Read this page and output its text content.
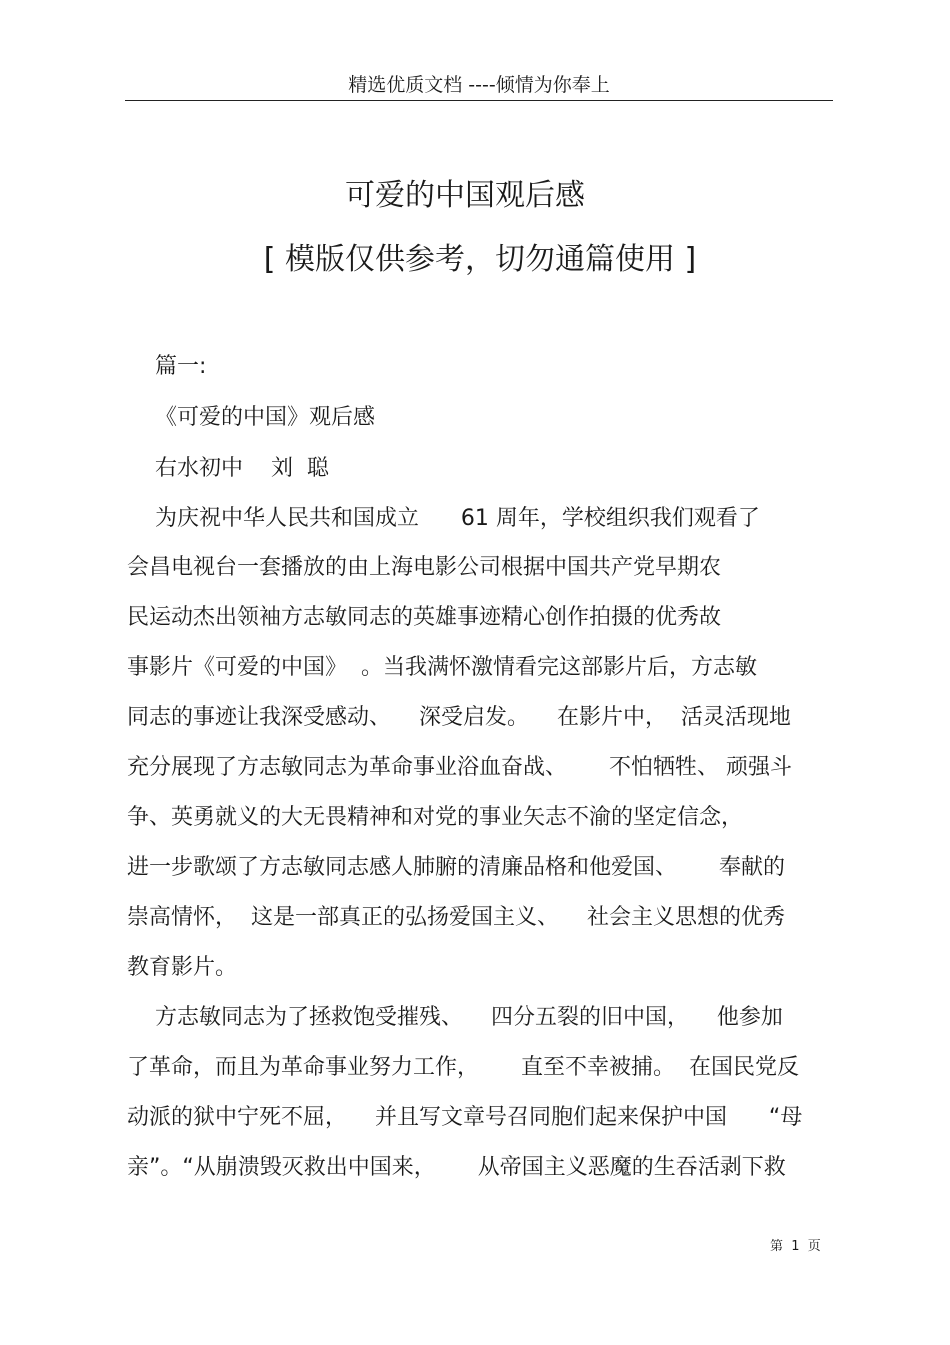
精选优质文档 ----倾情为你奉上
可爱的中国观后感
[ 模版仅供参考，切勿通篇使用 ]
篇一:
《可爱的中国》观后感
右水初中    刘  聪
为庆祝中华人民共和国成立      61 周年，学校组织我们观看了
会昌电视台一套播放的由上海电影公司根据中国共产党早期农
民运动杰出领袖方志敏同志的英雄事迹精心创作拍摄的优秀故
事影片《可爱的中国》  。当我满怀激情看完这部影片后，方志敏
同志的事迹让我深受感动、    深受启发。    在影片中，  活灵活现地
充分展现了方志敏同志为革命事业浴血奋战、      不怕牺牲、 顽强斗
争、英勇就义的大无畏精神和对党的事业矢志不渝的坚定信念，
进一步歌颂了方志敏同志感人肺腑的清廉品格和他爱国、      奉献的
崇高情怀，  这是一部真正的弘扬爱国主义、    社会主义思想的优秀
教育影片。
方志敏同志为了拯救饱受摧残、    四分五裂的旧中国，    他参加
了革命，而且为革命事业努力工作，      直至不幸被捕。  在国民党反
动派的狱中宁死不屈，    并且写文章号召同胞们起来保护中国      “母
亲”。“从崩溃毁灭救出中国来，      从帝国主义恶魔的生吞活剥下救
第  1  页
